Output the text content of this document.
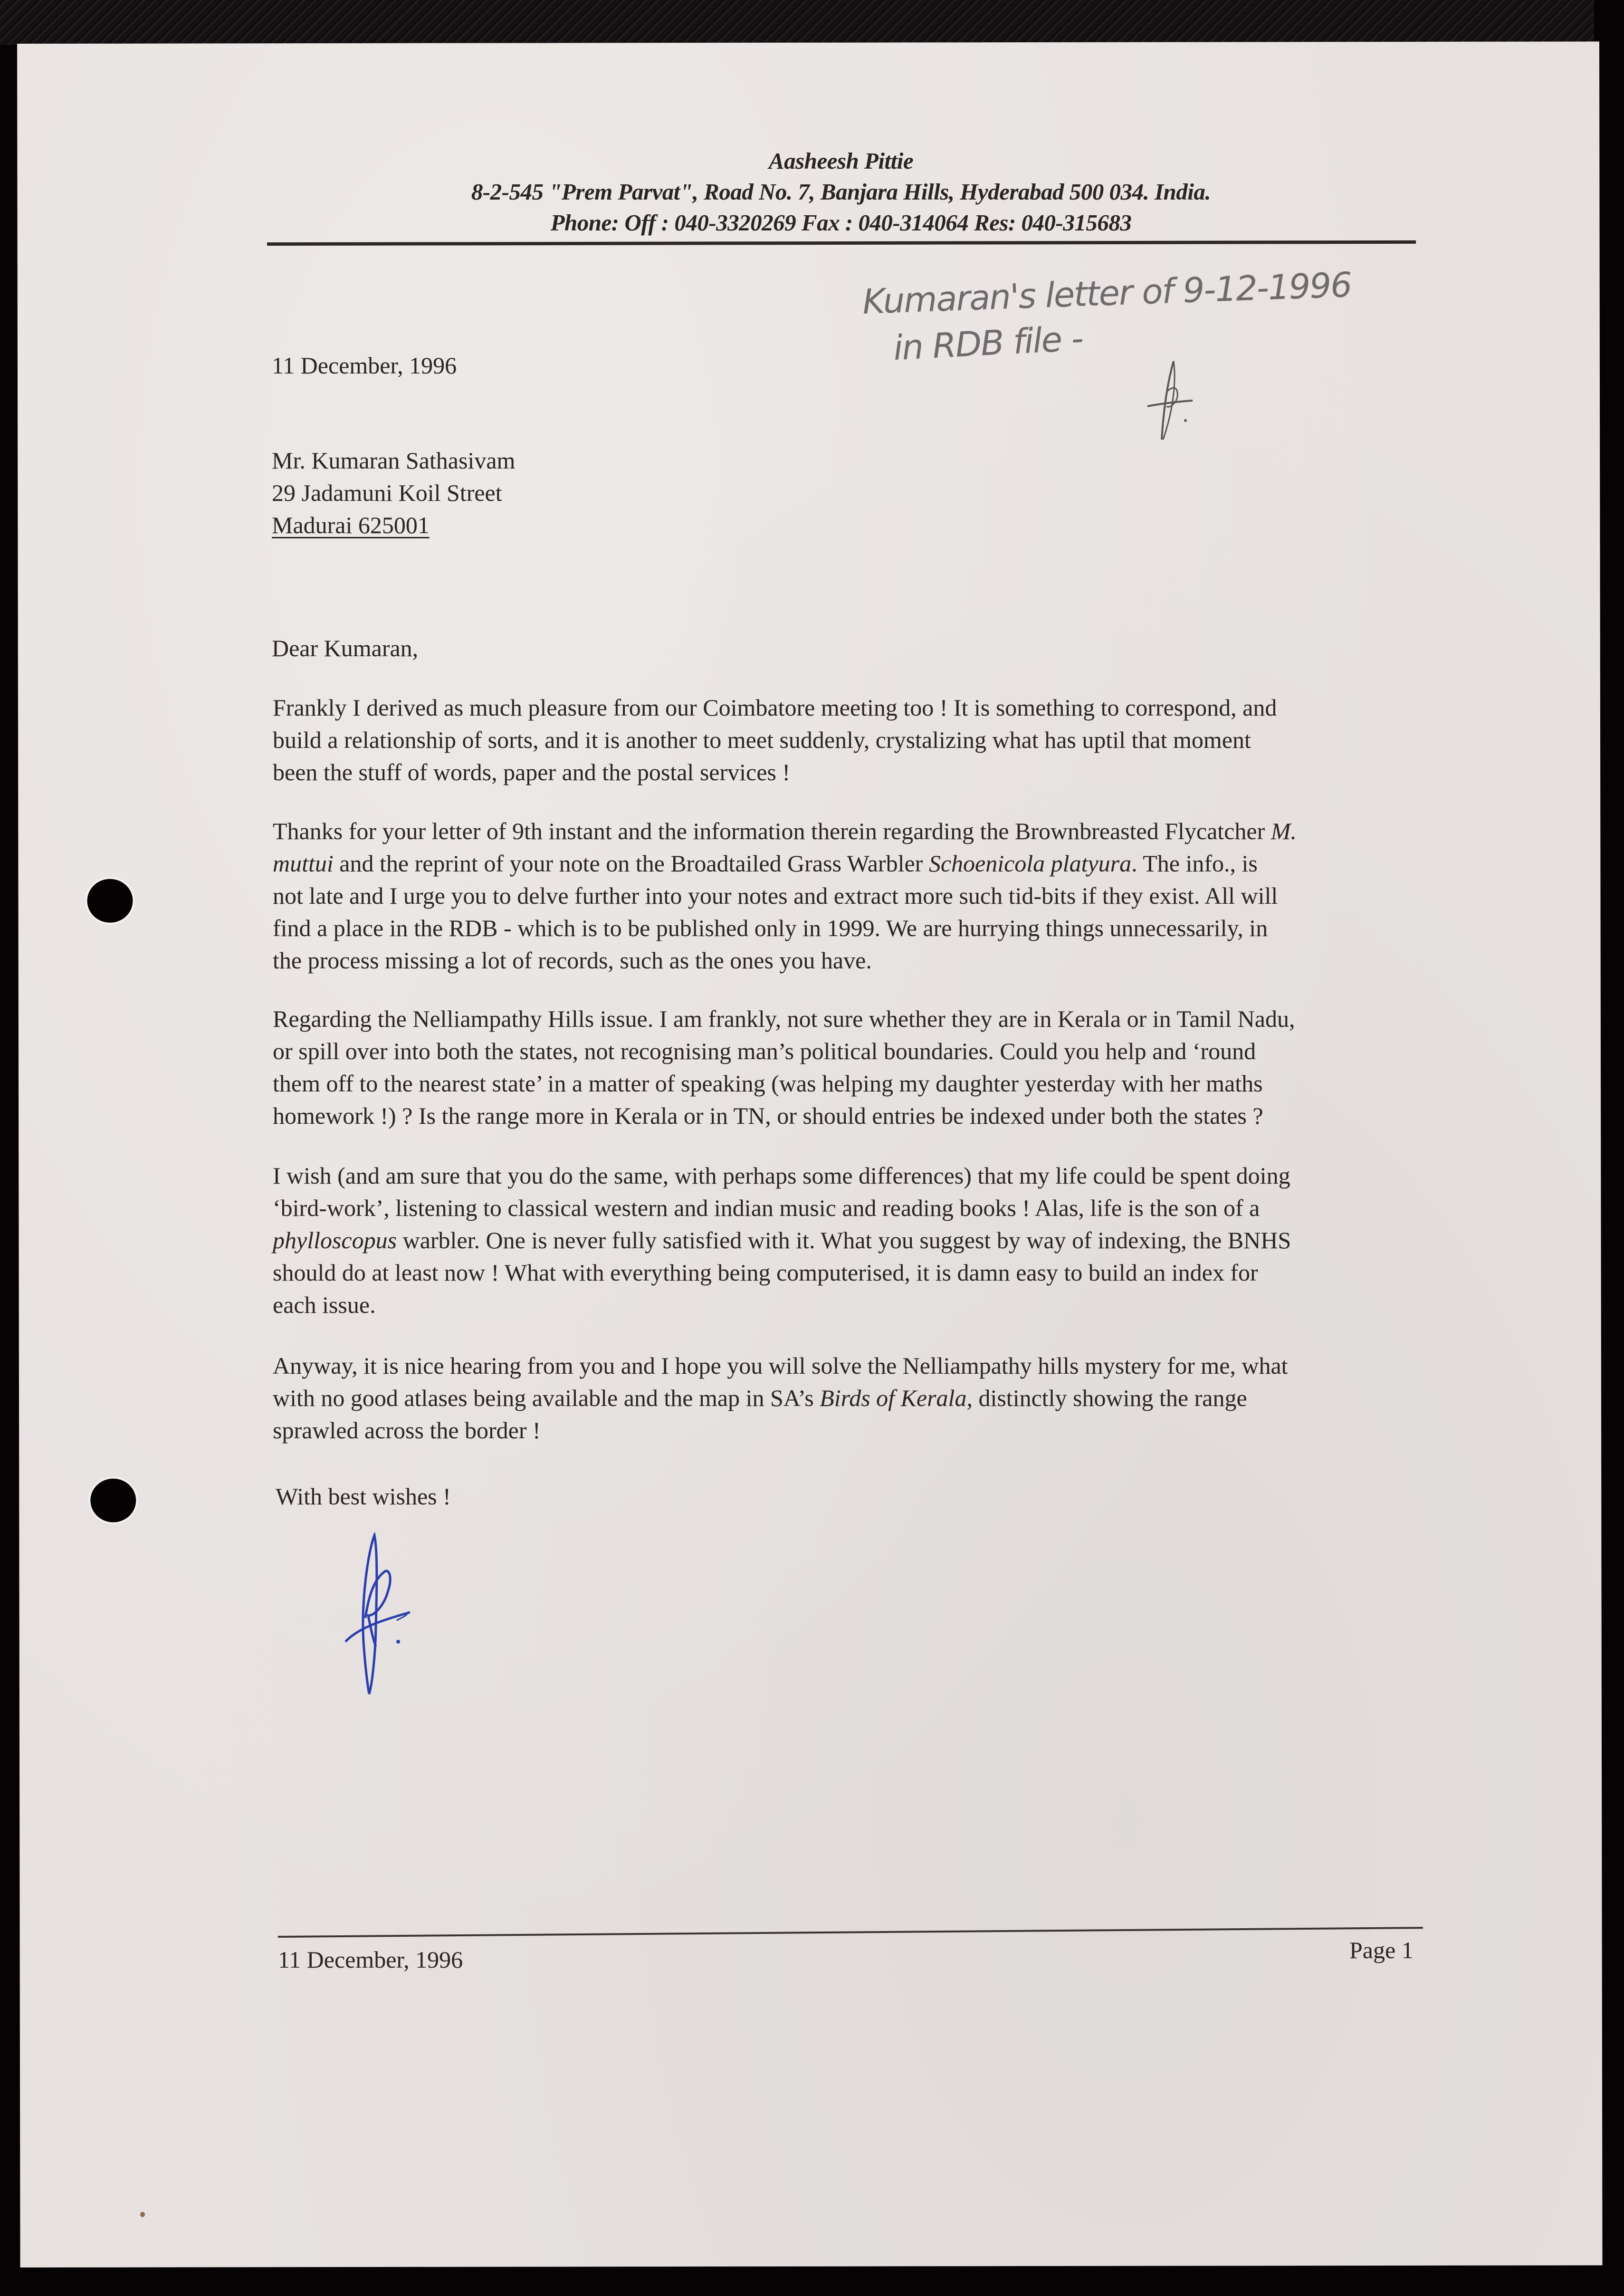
Aasheesh Pittie
8-2-545 "Prem Parvat", Road No. 7, Banjara Hills, Hyderabad 500 034. India.
Phone: Off : 040-3320269 Fax : 040-314064 Res: 040-315683
Kumaran's letter of 9-12-1996
in RDB file -
11 December, 1996
Mr. Kumaran Sathasivam
29 Jadamuni Koil Street
Madurai 625001
Dear Kumaran,
Frankly I derived as much pleasure from our Coimbatore meeting too ! It is something to correspond, and
build a relationship of sorts, and it is another to meet suddenly, crystalizing what has uptil that moment
been the stuff of words, paper and the postal services !
Thanks for your letter of 9th instant and the information therein regarding the Brownbreasted Flycatcher M.
muttui and the reprint of your note on the Broadtailed Grass Warbler Schoenicola platyura. The info., is
not late and I urge you to delve further into your notes and extract more such tid-bits if they exist. All will
find a place in the RDB - which is to be published only in 1999. We are hurrying things unnecessarily, in
the process missing a lot of records, such as the ones you have.
Regarding the Nelliampathy Hills issue. I am frankly, not sure whether they are in Kerala or in Tamil Nadu,
or spill over into both the states, not recognising man’s political boundaries. Could you help and ‘round
them off to the nearest state’ in a matter of speaking (was helping my daughter yesterday with her maths
homework !) ? Is the range more in Kerala or in TN, or should entries be indexed under both the states ?
I wish (and am sure that you do the same, with perhaps some differences) that my life could be spent doing
‘bird-work’, listening to classical western and indian music and reading books ! Alas, life is the son of a
phylloscopus warbler. One is never fully satisfied with it. What you suggest by way of indexing, the BNHS
should do at least now ! What with everything being computerised, it is damn easy to build an index for
each issue.
Anyway, it is nice hearing from you and I hope you will solve the Nelliampathy hills mystery for me, what
with no good atlases being available and the map in SA’s Birds of Kerala, distinctly showing the range
sprawled across the border !
With best wishes !
11 December, 1996	Page 1
